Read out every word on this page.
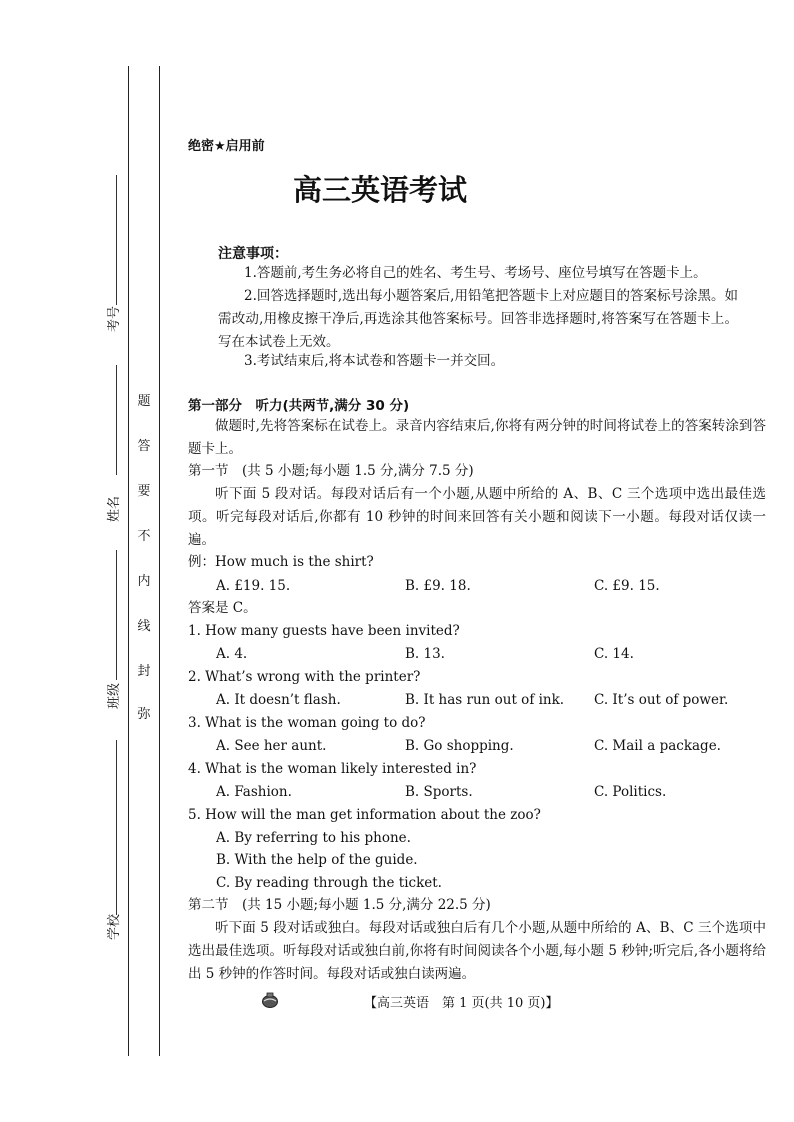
考号
姓名
班级
学校
题
答
要
不
内
线
封
弥
绝密★启用前
高三英语考试
注意事项：
1.答题前,考生务必将自己的姓名、考生号、考场号、座位号填写在答题卡上。
2.回答选择题时,选出每小题答案后,用铅笔把答题卡上对应题目的答案标号涂黑。如需改动,用橡皮擦干净后,再选涂其他答案标号。回答非选择题时,将答案写在答题卡上。写在本试卷上无效。
3.考试结束后,将本试卷和答题卡一并交回。
第一部分　听力(共两节,满分 30 分)
做题时,先将答案标在试卷上。录音内容结束后,你将有两分钟的时间将试卷上的答案转涂到答题卡上。
第一节　(共 5 小题;每小题 1.5 分,满分 7.5 分)
听下面 5 段对话。每段对话后有一个小题,从题中所给的 A、B、C 三个选项中选出最佳选项。听完每段对话后,你都有 10 秒钟的时间来回答有关小题和阅读下一小题。每段对话仅读一遍。
例：How much is the shirt?
A. £19. 15.	B. £9. 18.	C. £9. 15.
答案是 C。
1. How many guests have been invited?
A. 4.	B. 13.	C. 14.
2. What’s wrong with the printer?
A. It doesn’t flash.	B. It has run out of ink. C. It’s out of power.
3. What is the woman going to do?
A. See her aunt.	B. Go shopping.	C. Mail a package.
4. What is the woman likely interested in?
A. Fashion.	B. Sports.	C. Politics.
5. How will the man get information about the zoo?
A. By referring to his phone.
B. With the help of the guide.
C. By reading through the ticket.
第二节　(共 15 小题;每小题 1.5 分,满分 22.5 分)
听下面 5 段对话或独白。每段对话或独白后有几个小题,从题中所给的 A、B、C 三个选项中选出最佳选项。听每段对话或独白前,你将有时间阅读各个小题,每小题 5 秒钟;听完后,各小题将给出 5 秒钟的作答时间。每段对话或独白读两遍。
【高三英语　第 1 页(共 10 页)】
